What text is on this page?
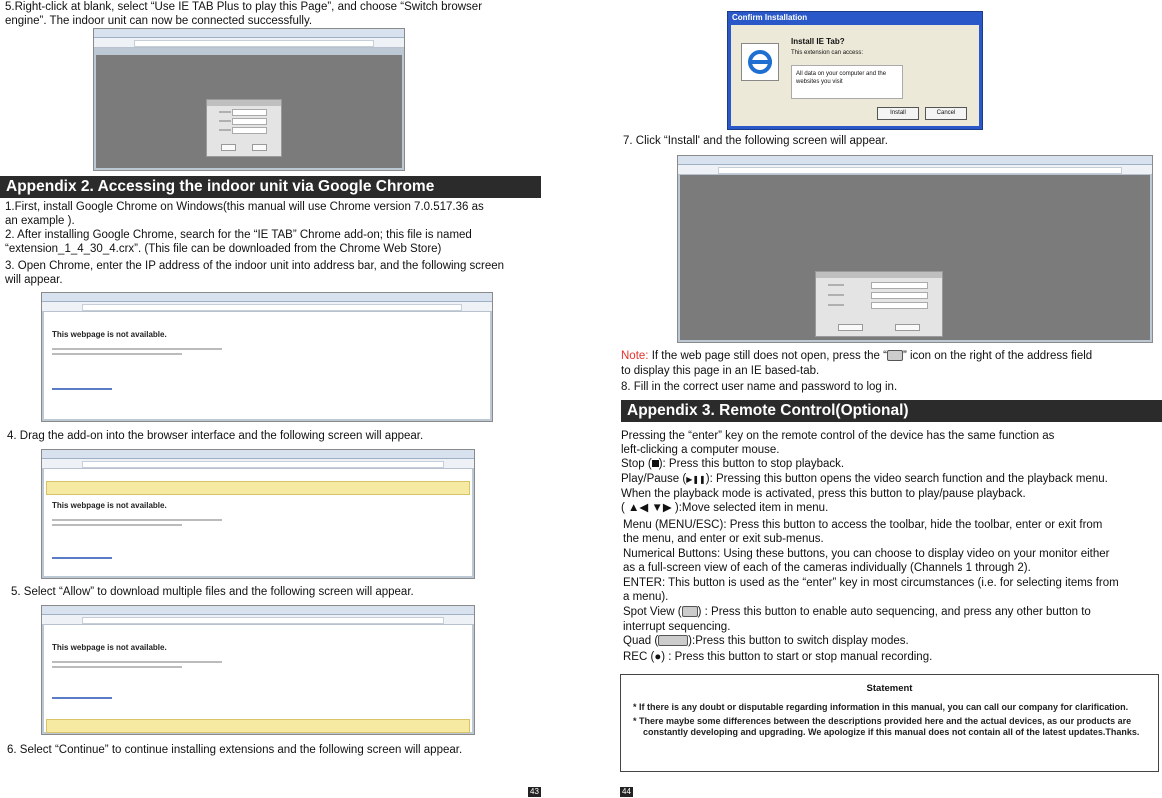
5.Right-click at blank, select “Use IE TAB Plus to play this Page”, and choose “Switch browser
engine”. The indoor unit can now be connected successfully.
Appendix 2. Accessing the indoor unit via Google Chrome
1.First, install Google Chrome on Windows(this manual will use Chrome version 7.0.517.36 as
an example ).
2. After installing Google Chrome, search for the “IE TAB” Chrome add-on; this file is named
“extension_1_4_30_4.crx”. (This file can be downloaded from the Chrome Web Store)
3. Open Chrome, enter the IP address of the indoor unit into address bar, and the following screen
will appear.
This webpage is not available.
4. Drag the add-on into the browser interface and the following screen will appear.
This webpage is not available.
5. Select “Allow” to download multiple files and the following screen will appear.
This webpage is not available.
6. Select “Continue” to continue installing extensions and the following screen will appear.
43
Confirm Installation
Install IE Tab?
This extension can access:
All data on your computer and the websites you visit
Install	Cancel
7. Click “Install' and the following screen will appear.
Note: If the web page still does not open, press the “ ” icon on the right of the address field
to display this page in an IE based-tab.
8. Fill in the correct user name and password to log in.
Appendix 3. Remote Control(Optional)
Pressing the “enter” key on the remote control of the device has the same function as
left-clicking a computer mouse.
Stop ( ): Press this button to stop playback.
Play/Pause (▶❚❚): Pressing this button opens the video search function and the playback menu.
When the playback mode is activated, press this button to play/pause playback.
( ▲◀ ▼▶ ):Move selected item in menu.
Menu (MENU/ESC): Press this button to access the toolbar, hide the toolbar, enter or exit from
the menu, and enter or exit sub-menus.
Numerical Buttons: Using these buttons, you can choose to display video on your monitor either
as a full-screen view of each of the cameras individually (Channels 1 through 2).
ENTER: This button is used as the “enter” key in most circumstances (i.e. for selecting items from
a menu).
Spot View ( ) : Press this button to enable auto sequencing, and press any other button to
interrupt sequencing.
Quad (	):Press this button to switch display modes.
REC (●) : Press this button to start or stop manual recording.
Statement
* If there is any doubt or disputable regarding information in this manual, you can call our company for clarification.
* There maybe some differences between the descriptions provided here and the actual devices, as our products are constantly developing and upgrading. We apologize if this manual does not contain all of the latest updates.Thanks.
44
